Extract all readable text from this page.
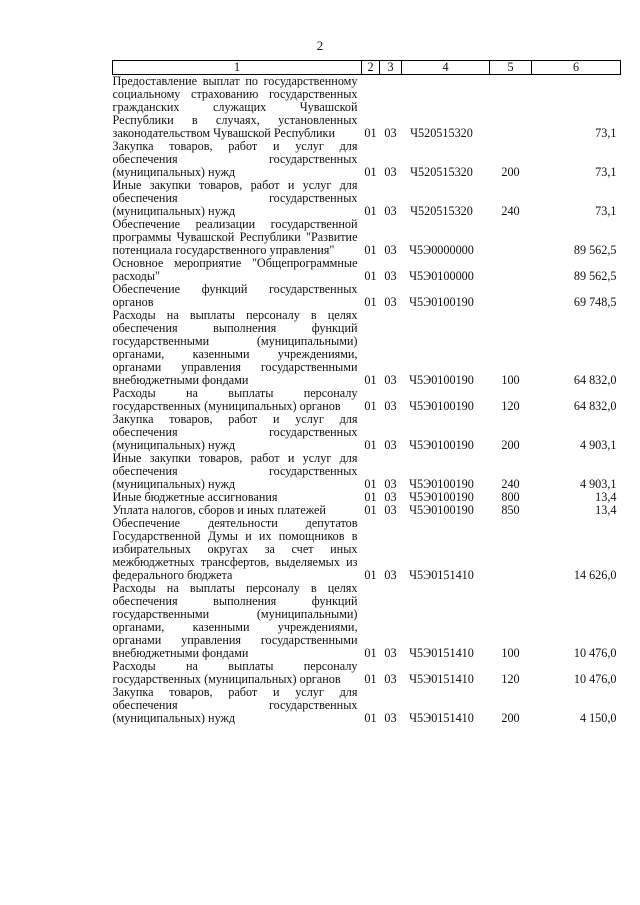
2
1	2	3	4	5	6
Предоставление выплат по государственному социальному страхованию государственных гражданских служащих Чувашской Республики в случаях, установленных законодательством Чувашской Республики	01	03	Ч520515320		73,1
Закупка товаров, работ и услуг для обеспечения государственных (муниципальных) нужд	01	03	Ч520515320	200	73,1
Иные закупки товаров, работ и услуг для обеспечения государственных (муниципальных) нужд	01	03	Ч520515320	240	73,1
Обеспечение реализации государственной программы Чувашской Республики "Развитие потенциала государственного управления"	01	03	Ч5Э0000000		89 562,5
Основное мероприятие "Общепрограммные расходы"	01	03	Ч5Э0100000		89 562,5
Обеспечение функций государственных органов	01	03	Ч5Э0100190		69 748,5
Расходы на выплаты персоналу в целях обеспечения выполнения функций государственными (муниципальными) органами, казенными учреждениями, органами управления государственными внебюджетными фондами	01	03	Ч5Э0100190	100	64 832,0
Расходы на выплаты персоналу государственных (муниципальных) органов	01	03	Ч5Э0100190	120	64 832,0
Закупка товаров, работ и услуг для обеспечения государственных (муниципальных) нужд	01	03	Ч5Э0100190	200	4 903,1
Иные закупки товаров, работ и услуг для обеспечения государственных (муниципальных) нужд	01	03	Ч5Э0100190	240	4 903,1
Иные бюджетные ассигнования	01	03	Ч5Э0100190	800	13,4
Уплата налогов, сборов и иных платежей	01	03	Ч5Э0100190	850	13,4
Обеспечение деятельности депутатов Государственной Думы и их помощников в избирательных округах за счет иных межбюджетных трансфертов, выделяемых из федерального бюджета	01	03	Ч5Э0151410		14 626,0
Расходы на выплаты персоналу в целях обеспечения выполнения функций государственными (муниципальными) органами, казенными учреждениями, органами управления государственными внебюджетными фондами	01	03	Ч5Э0151410	100	10 476,0
Расходы на выплаты персоналу государственных (муниципальных) органов	01	03	Ч5Э0151410	120	10 476,0
Закупка товаров, работ и услуг для обеспечения государственных (муниципальных) нужд	01	03	Ч5Э0151410	200	4 150,0
